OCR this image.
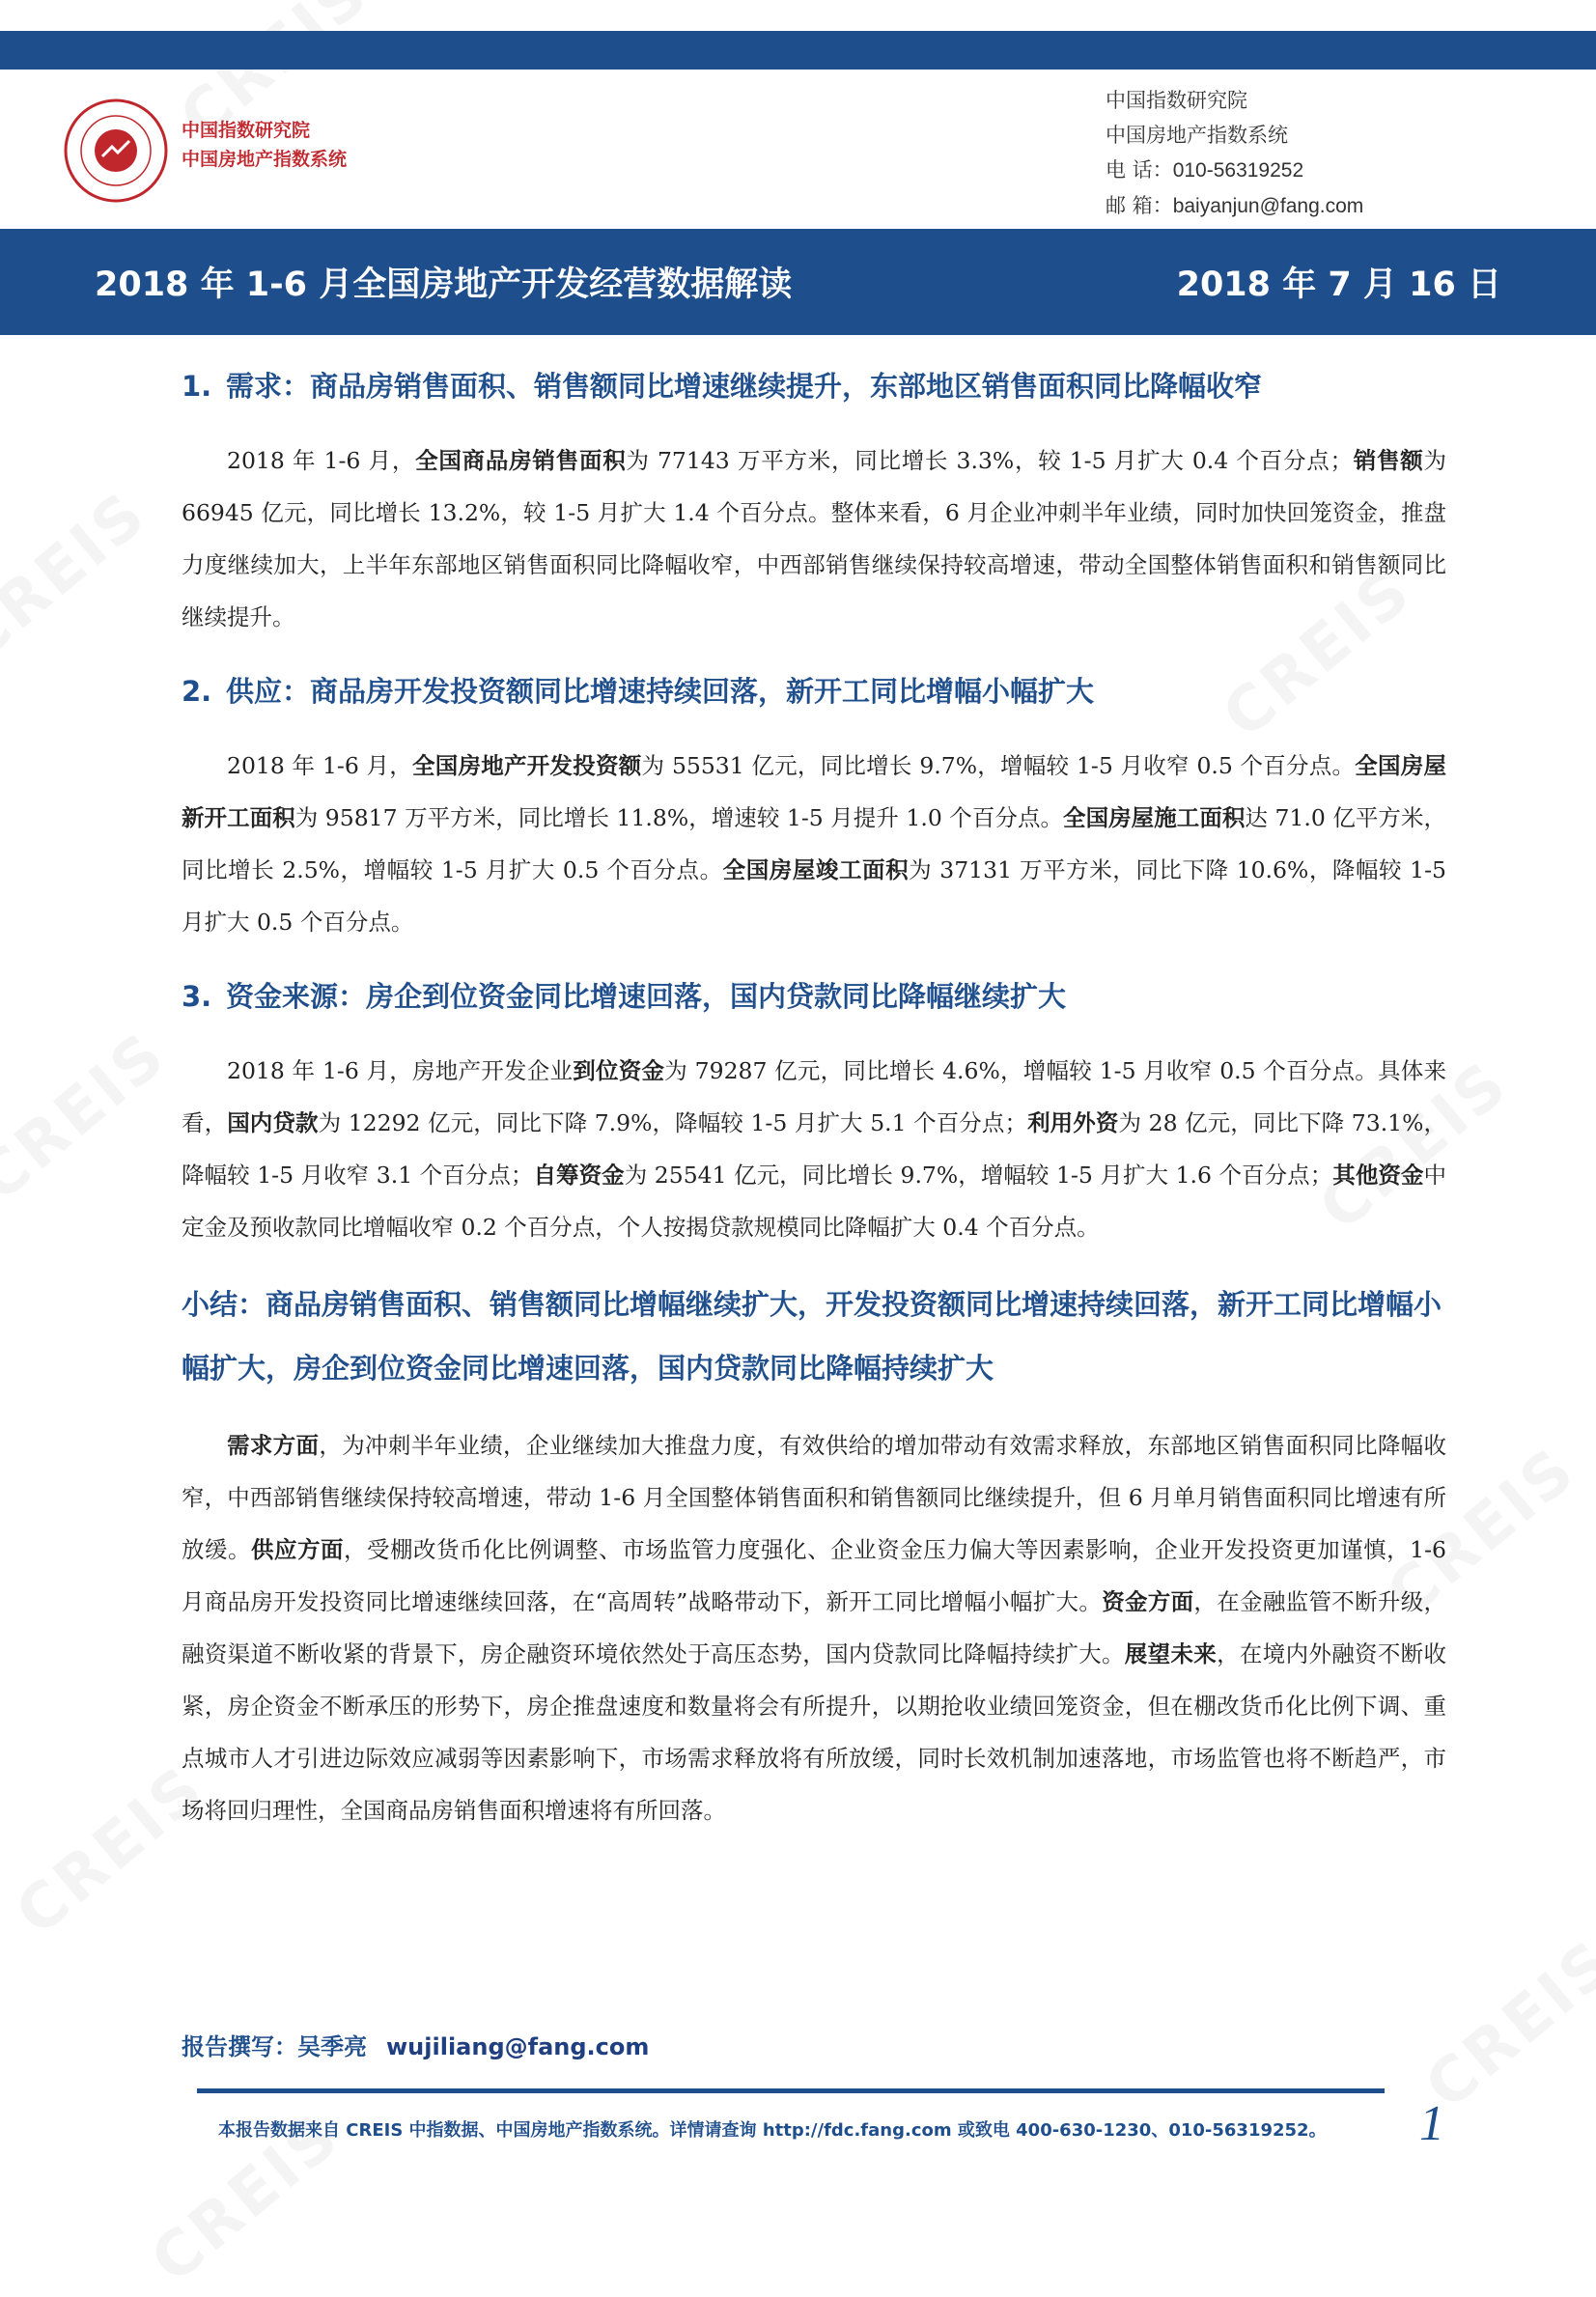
中国指数研究院
中国房地产指数系统
中国指数研究院
中国房地产指数系统
电 话：010-56319252
邮 箱：baiyanjun@fang.com
2018 年 1-6 月全国房地产开发经营数据解读	2018 年 7 月 16 日
1. 需求：商品房销售面积、销售额同比增速继续提升，东部地区销售面积同比降幅收窄

2018 年 1-6 月，全国商品房销售面积为 77143 万平方米，同比增长 3.3%，较 1-5 月扩大 0.4 个百分点；销售额为 66945 亿元，同比增长 13.2%，较 1-5 月扩大 1.4 个百分点。整体来看，6 月企业冲刺半年业绩，同时加快回笼资金，推盘力度继续加大，上半年东部地区销售面积同比降幅收窄，中西部销售继续保持较高增速，带动全国整体销售面积和销售额同比继续提升。

2. 供应：商品房开发投资额同比增速持续回落，新开工同比增幅小幅扩大

2018 年 1-6 月，全国房地产开发投资额为 55531 亿元，同比增长 9.7%，增幅较 1-5 月收窄 0.5 个百分点。全国房屋新开工面积为 95817 万平方米，同比增长 11.8%，增速较 1-5 月提升 1.0 个百分点。全国房屋施工面积达 71.0 亿平方米，同比增长 2.5%，增幅较 1-5 月扩大 0.5 个百分点。全国房屋竣工面积为 37131 万平方米，同比下降 10.6%，降幅较 1-5 月扩大 0.5 个百分点。

3. 资金来源：房企到位资金同比增速回落，国内贷款同比降幅继续扩大

2018 年 1-6 月，房地产开发企业到位资金为 79287 亿元，同比增长 4.6%，增幅较 1-5 月收窄 0.5 个百分点。具体来看，国内贷款为 12292 亿元，同比下降 7.9%，降幅较 1-5 月扩大 5.1 个百分点；利用外资为 28 亿元，同比下降 73.1%，降幅较 1-5 月收窄 3.1 个百分点；自筹资金为 25541 亿元，同比增长 9.7%，增幅较 1-5 月扩大 1.6 个百分点；其他资金中定金及预收款同比增幅收窄 0.2 个百分点，个人按揭贷款规模同比降幅扩大 0.4 个百分点。

小结：商品房销售面积、销售额同比增幅继续扩大，开发投资额同比增速持续回落，新开工同比增幅小幅扩大，房企到位资金同比增速回落，国内贷款同比降幅持续扩大

需求方面，为冲刺半年业绩，企业继续加大推盘力度，有效供给的增加带动有效需求释放，东部地区销售面积同比降幅收窄，中西部销售继续保持较高增速，带动 1-6 月全国整体销售面积和销售额同比继续提升，但 6 月单月销售面积同比增速有所放缓。供应方面，受棚改货币化比例调整、市场监管力度强化、企业资金压力偏大等因素影响，企业开发投资更加谨慎，1-6 月商品房开发投资同比增速继续回落，在“高周转”战略带动下，新开工同比增幅小幅扩大。资金方面，在金融监管不断升级，融资渠道不断收紧的背景下，房企融资环境依然处于高压态势，国内贷款同比降幅持续扩大。展望未来，在境内外融资不断收紧，房企资金不断承压的形势下，房企推盘速度和数量将会有所提升，以期抢收业绩回笼资金，但在棚改货币化比例下调、重点城市人才引进边际效应减弱等因素影响下，市场需求释放将有所放缓，同时长效机制加速落地，市场监管也将不断趋严，市场将回归理性，全国商品房销售面积增速将有所回落。

报告撰写：吴季亮 wujiliang@fang.com
本报告数据来自 CREIS 中指数据、中国房地产指数系统。详情请查询 http://fdc.fang.com 或致电 400-630-1230、010-56319252。 1
